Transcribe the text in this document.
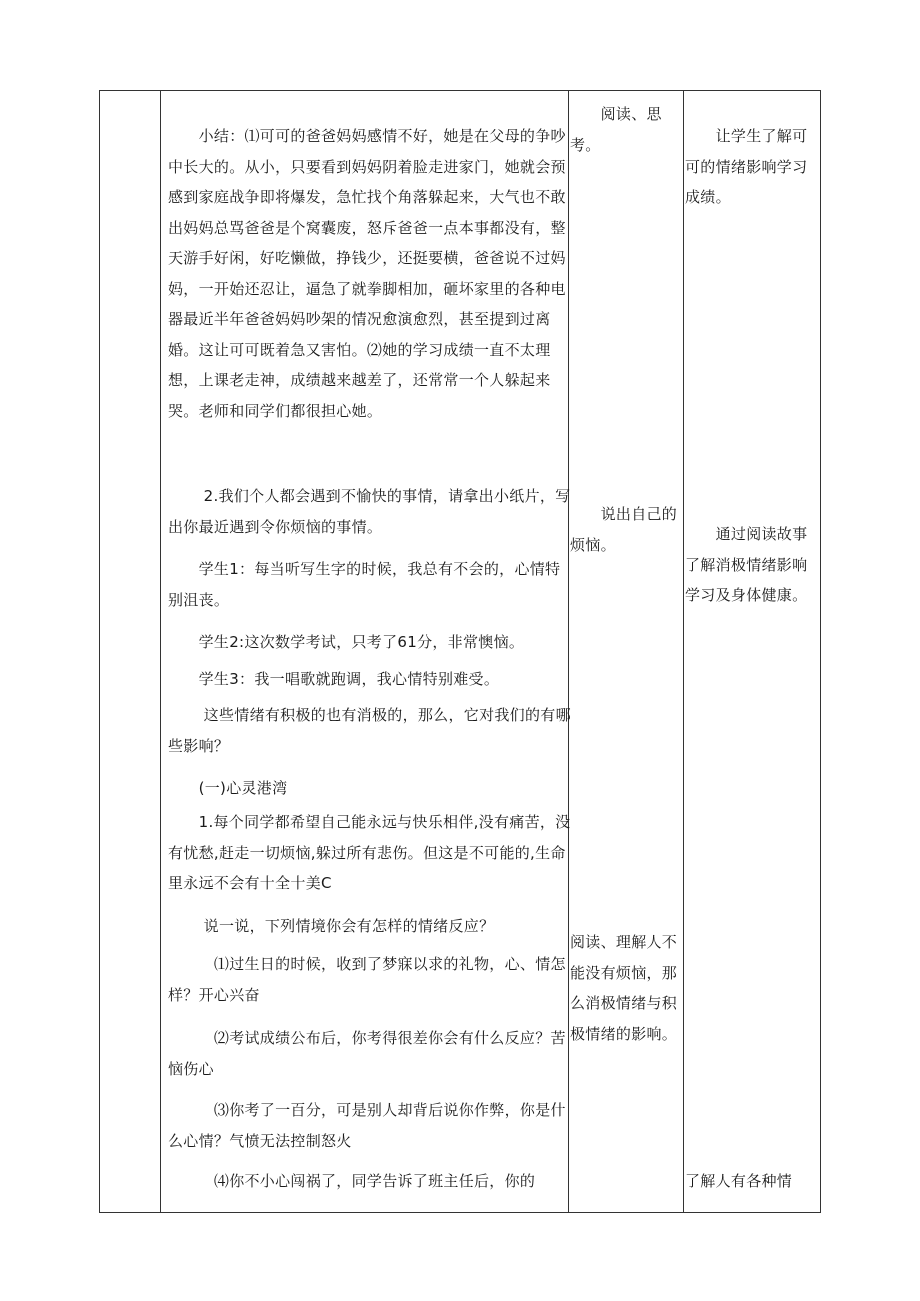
　　小结：⑴可可的爸爸妈妈感情不好，她是在父母的争吵中长大的。从小，只要看到妈妈阴着脸走进家门，她就会预感到家庭战争即将爆发，急忙找个角落躲起来，大气也不敢出妈妈总骂爸爸是个窝囊废，怒斥爸爸一点本事都没有，整天游手好闲，好吃懒做，挣钱少，还挺要横，爸爸说不过妈妈，一开始还忍让，逼急了就拳脚相加，砸坏家里的各种电器最近半年爸爸妈妈吵架的情况愈演愈烈，甚至提到过离婚。这让可可既着急又害怕。⑵她的学习成绩一直不太理想，上课老走神，成绩越来越差了，还常常一个人躲起来哭。老师和同学们都很担心她。

　　 2.我们个人都会遇到不愉快的事情，请拿出小纸片，写出你最近遇到令你烦恼的事情。

　　学生1：每当听写生字的时候，我总有不会的，心情特别沮丧。

　　学生2:这次数学考试，只考了61分，非常懊恼。

　　学生3：我一唱歌就跑调，我心情特别难受。

　　 这些情绪有积极的也有消极的，那么，它对我们的有哪些影响？

　　(一)心灵港湾

　　1.每个同学都希望自己能永远与快乐相伴,没有痛苦，没有忧愁,赶走一切烦恼,躲过所有悲伤。但这是不可能的,生命里永远不会有十全十美C

　　 说一说，下列情境你会有怎样的情绪反应？

　　　⑴过生日的时候，收到了梦寐以求的礼物，心、情怎样？开心兴奋

　　　⑵考试成绩公布后，你考得很差你会有什么反应？苦恼伤心

　　　⑶你考了一百分，可是别人却背后说你作弊，你是什么心情？气愤无法控制怒火

　　　⑷你不小心闯祸了，同学告诉了班主任后，你的

　　阅读、思考。

　　说出自己的烦恼。

阅读、理解人不能没有烦恼，那么消极情绪与积极情绪的影响。

　　让学生了解可可的情绪影响学习成绩。

　　通过阅读故事了解消极情绪影响学习及身体健康。

了解人有各种情
